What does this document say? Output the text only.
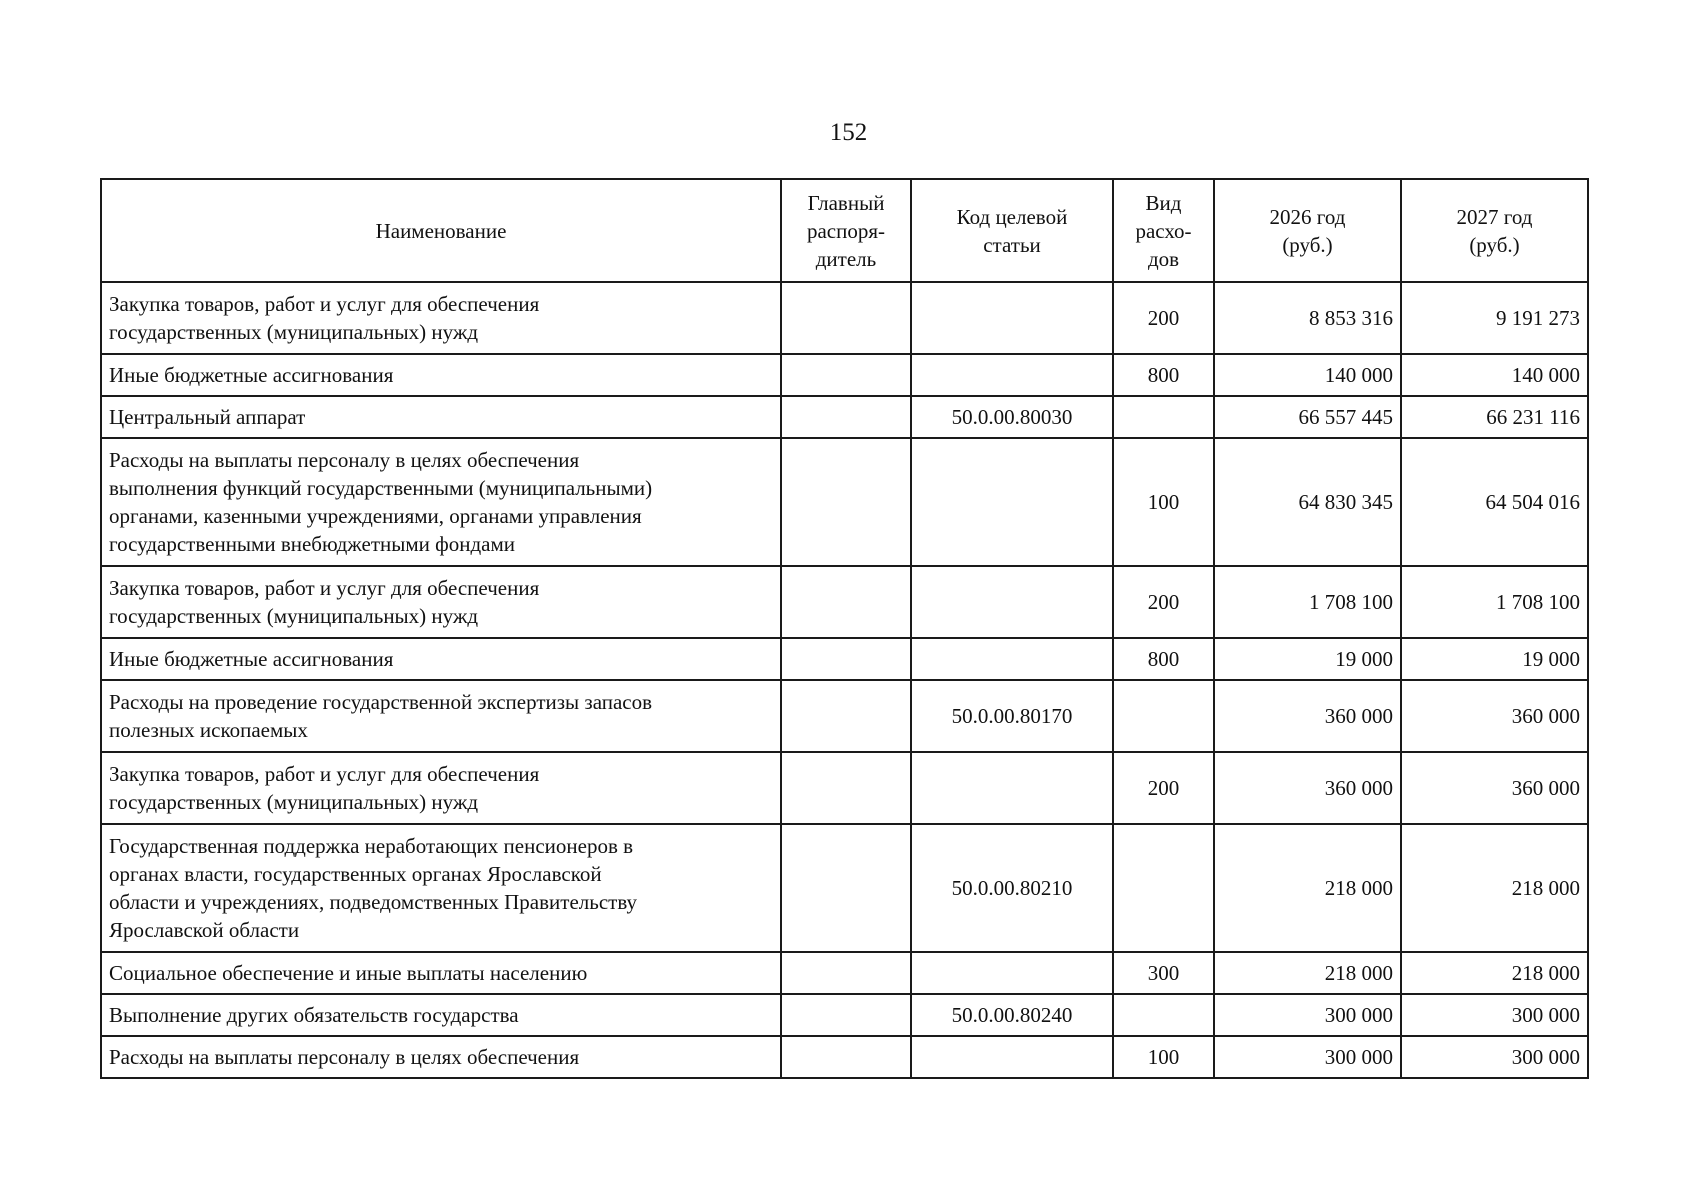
152
Наименование	Главный
распоря-
дитель	Код целевой
статьи	Вид
расхо-
дов	2026 год
(руб.)	2027 год
(руб.)
Закупка товаров, работ и услуг для обеспечения
государственных (муниципальных) нужд			200	8 853 316	9 191 273
Иные бюджетные ассигнования			800	140 000	140 000
Центральный аппарат		50.0.00.80030		66 557 445	66 231 116
Расходы на выплаты персоналу в целях обеспечения
выполнения функций государственными (муниципальными)
органами, казенными учреждениями, органами управления
государственными внебюджетными фондами			100	64 830 345	64 504 016
Закупка товаров, работ и услуг для обеспечения
государственных (муниципальных) нужд			200	1 708 100	1 708 100
Иные бюджетные ассигнования			800	19 000	19 000
Расходы на проведение государственной экспертизы запасов
полезных ископаемых		50.0.00.80170		360 000	360 000
Закупка товаров, работ и услуг для обеспечения
государственных (муниципальных) нужд			200	360 000	360 000
Государственная поддержка неработающих пенсионеров в
органах власти, государственных органах Ярославской
области и учреждениях, подведомственных Правительству
Ярославской области		50.0.00.80210		218 000	218 000
Социальное обеспечение и иные выплаты населению			300	218 000	218 000
Выполнение других обязательств государства		50.0.00.80240		300 000	300 000
Расходы на выплаты персоналу в целях обеспечения			100	300 000	300 000
